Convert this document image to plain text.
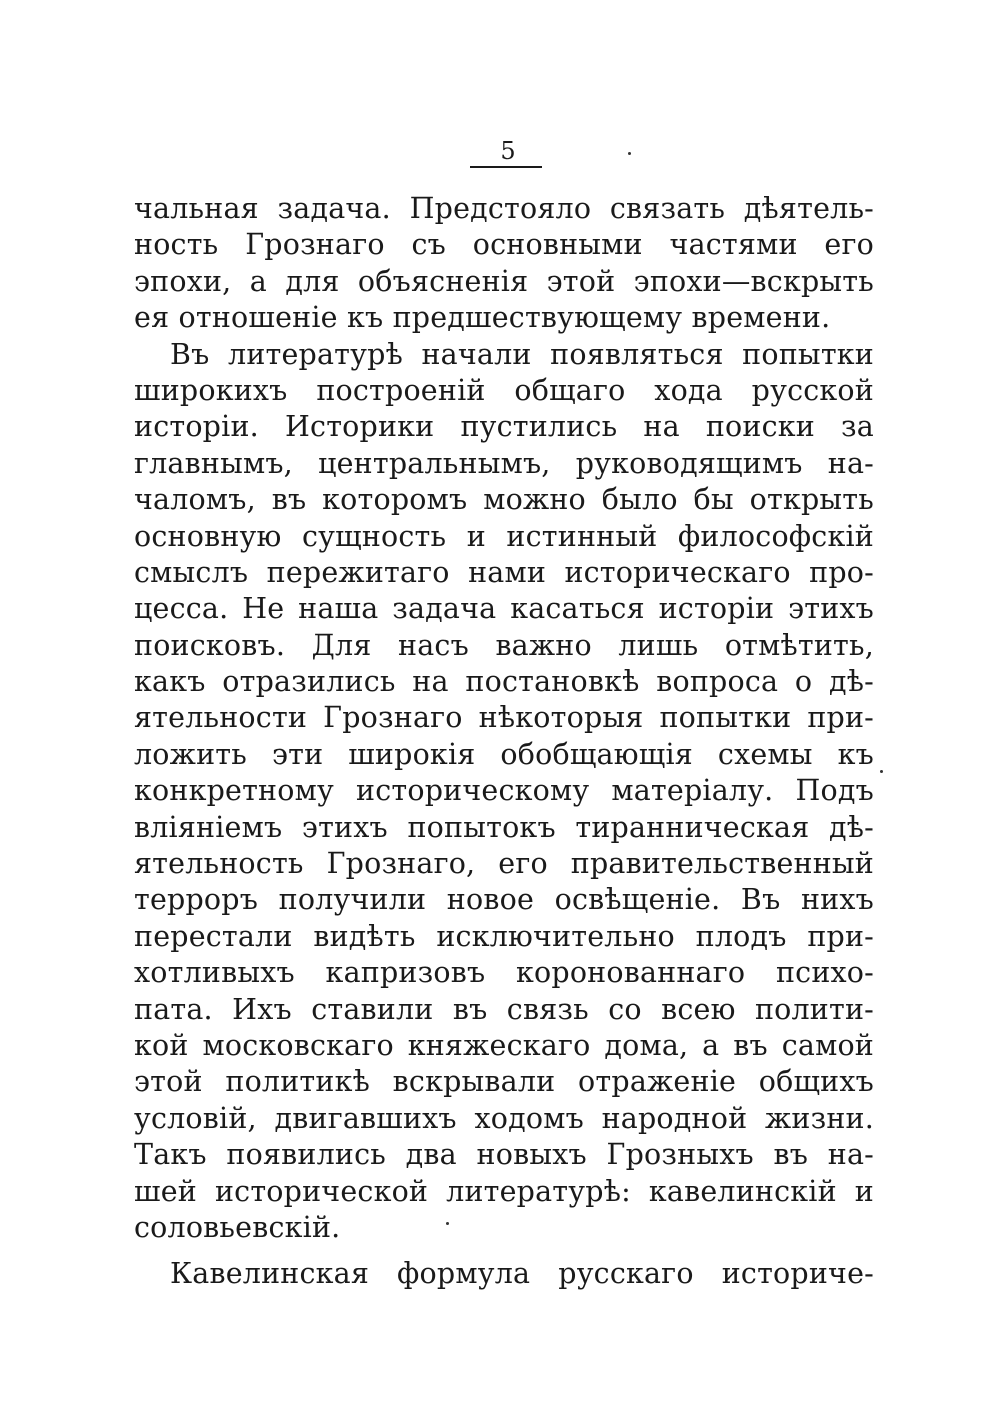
5
чальная задача. Предстояло связать дѣятель-
ность Грознаго съ основными частями его
эпохи, а для объясненія этой эпохи—вскрыть
ея отношеніе къ предшествующему времени.
Въ литературѣ начали появляться попытки
широкихъ построеній общаго хода русской
исторіи. Историки пустились на поиски за
главнымъ, центральнымъ, руководящимъ на-
чаломъ, въ которомъ можно было бы открыть
основную сущность и истинный философскій
смыслъ пережитаго нами историческаго про-
цесса. Не наша задача касаться исторіи этихъ
поисковъ. Для насъ важно лишь отмѣтить,
какъ отразились на постановкѣ вопроса о дѣ-
ятельности Грознаго нѣкоторыя попытки при-
ложить эти широкія обобщающія схемы къ
конкретному историческому матеріалу. Подъ
вліяніемъ этихъ попытокъ тиранническая дѣ-
ятельность Грознаго, его правительственный
терроръ получили новое освѣщеніе. Въ нихъ
перестали видѣть исключительно плодъ при-
хотливыхъ капризовъ коронованнаго психо-
пата. Ихъ ставили въ связь со всею полити-
кой московскаго княжескаго дома, а въ самой
этой политикѣ вскрывали отраженіе общихъ
условій, двигавшихъ ходомъ народной жизни.
Такъ появились два новыхъ Грозныхъ въ на-
шей исторической литературѣ: кавелинскій и
соловьевскій.
Кавелинская формула русскаго историче-
